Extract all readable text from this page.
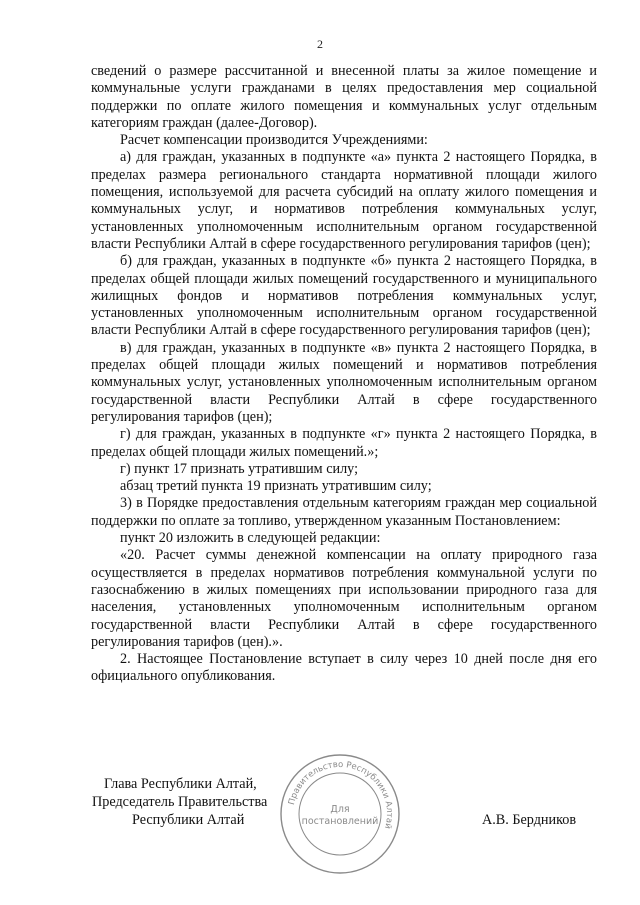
2

сведений о размере рассчитанной и внесенной платы за жилое помещение и коммунальные услуги гражданами в целях предоставления мер социальной поддержки по оплате жилого помещения и коммунальных услуг отдельным категориям граждан (далее-Договор).

Расчет компенсации производится Учреждениями:

а) для граждан, указанных в подпункте «а» пункта 2 настоящего Порядка, в пределах размера регионального стандарта нормативной площади жилого помещения, используемой для расчета субсидий на оплату жилого помещения и коммунальных услуг, и нормативов потребления коммунальных услуг, установленных уполномоченным исполнительным органом государственной власти Республики Алтай в сфере государственного регулирования тарифов (цен);

б) для граждан, указанных в подпункте «б» пункта 2 настоящего Порядка, в пределах общей площади жилых помещений государственного и муниципального жилищных фондов и нормативов потребления коммунальных услуг, установленных уполномоченным исполнительным органом государственной власти Республики Алтай в сфере государственного регулирования тарифов (цен);

в) для граждан, указанных в подпункте «в» пункта 2 настоящего Порядка, в пределах общей площади жилых помещений и нормативов потребления коммунальных услуг, установленных уполномоченным исполнительным органом государственной власти Республики Алтай в сфере государственного регулирования тарифов (цен);

г) для граждан, указанных в подпункте «г» пункта 2 настоящего Порядка, в пределах общей площади жилых помещений.»;

г) пункт 17 признать утратившим силу;

абзац третий пункта 19 признать утратившим силу;

3) в Порядке предоставления отдельным категориям граждан мер социальной поддержки по оплате за топливо, утвержденном указанным Постановлением:

пункт 20 изложить в следующей редакции:

«20. Расчет суммы денежной компенсации на оплату природного газа осуществляется в пределах нормативов потребления коммунальной услуги по газоснабжению в жилых помещениях при использовании природного газа для населения, установленных уполномоченным исполнительным органом государственной власти Республики Алтай в сфере государственного регулирования тарифов (цен).».

2. Настоящее Постановление вступает в силу через 10 дней после дня его официального опубликования.

Глава Республики Алтай,
Председатель Правительства
Республики Алтай	А.В. Бердников
Правительство Республики Алтай
Для
постановлений
